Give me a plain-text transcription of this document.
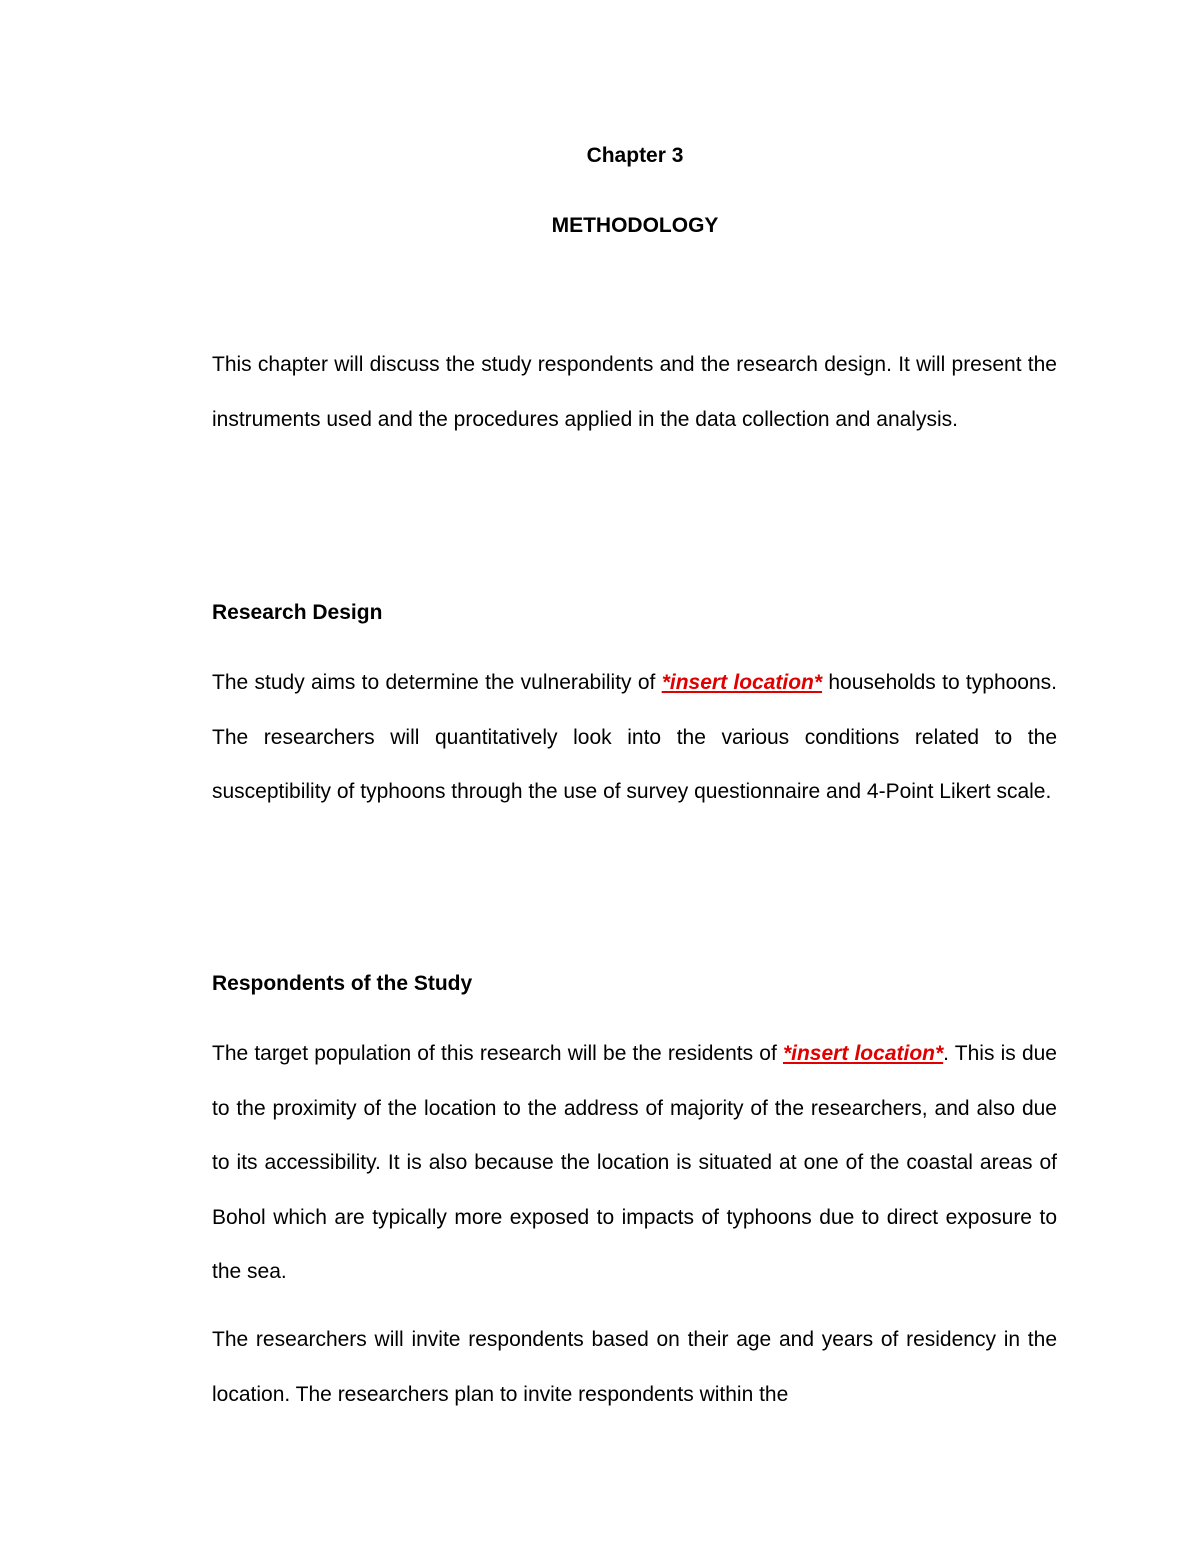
Chapter 3
METHODOLOGY

This chapter will discuss the study respondents and the research design. It will present the instruments used and the procedures applied in the data collection and analysis.

Research Design

The study aims to determine the vulnerability of *insert location* households to typhoons. The researchers will quantitatively look into the various conditions related to the susceptibility of typhoons through the use of survey questionnaire and 4-Point Likert scale.

Respondents of the Study

The target population of this research will be the residents of *insert location*. This is due to the proximity of the location to the address of majority of the researchers, and also due to its accessibility. It is also because the location is situated at one of the coastal areas of Bohol which are typically more exposed to impacts of typhoons due to direct exposure to the sea.

The researchers will invite respondents based on their age and years of residency in the location. The researchers plan to invite respondents within the
